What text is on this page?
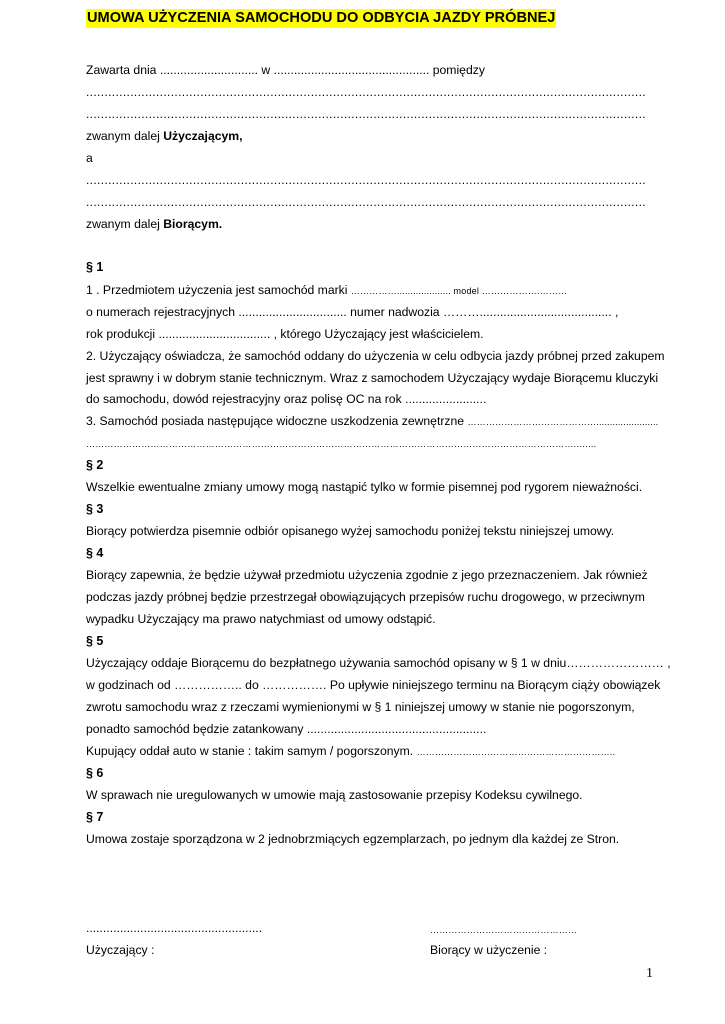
UMOWA UŻYCZENIA SAMOCHODU DO ODBYCIA JAZDY PRÓBNEJ
Zawarta dnia ............................. w .............................................. pomiędzy
........................................................................................................................................................
........................................................................................................................................................
zwanym dalej Użyczającym,
a
........................................................................................................................................................
........................................................................................................................................................
zwanym dalej Biorącym.
§ 1
1 . Przedmiotem użyczenia jest samochód marki …………….................... model ……………….………
o numerach rejestracyjnych ................................ numer nadwozia ………....................................... ,
rok produkcji ................................. , którego Użyczający jest właścicielem.
2. Użyczający oświadcza, że samochód oddany do użyczenia w celu odbycia jazdy próbnej przed zakupem
jest sprawny i w dobrym stanie technicznym. Wraz z samochodem Użyczający wydaje Biorącemu kluczyki
do samochodu, dowód rejestracyjny oraz polisę OC na rok ........................
3. Samochód posiada następujące widoczne uszkodzenia zewnętrzne …………………………………….......................
…………………………………………………………………………………………………………………………………………….…....
§ 2
Wszelkie ewentualne zmiany umowy mogą nastąpić tylko w formie pisemnej pod rygorem nieważności.
§ 3
Biorący potwierdza pisemnie odbiór opisanego wyżej samochodu poniżej tekstu niniejszej umowy.
§ 4
Biorący zapewnia, że będzie używał przedmiotu użyczenia zgodnie z jego przeznaczeniem. Jak również
podczas jazdy próbnej będzie przestrzegał obowiązujących przepisów ruchu drogowego, w przeciwnym
wypadku Użyczający ma prawo natychmiast od umowy odstąpić.
§ 5
Użyczający oddaje Biorącemu do bezpłatnego używania samochód opisany w § 1 w dniu…………………… ,
w godzinach od …………….. do ……………. Po upływie niniejszego terminu na Biorącym ciąży obowiązek
zwrotu samochodu wraz z rzeczami wymienionymi w § 1 niniejszej umowy w stanie nie pogorszonym,
ponadto samochód będzie zatankowany .....................................................
Kupujący oddał auto w stanie : takim samym / pogorszonym. ………………………………………………………..
§ 6
W sprawach nie uregulowanych w umowie mają zastosowanie przepisy Kodeksu cywilnego.
§ 7
Umowa zostaje sporządzona w 2 jednobrzmiących egzemplarzach, po jednym dla każdej ze Stron.
....................................................	…………………………………………
Użyczający :	Biorący w użyczenie :
1
